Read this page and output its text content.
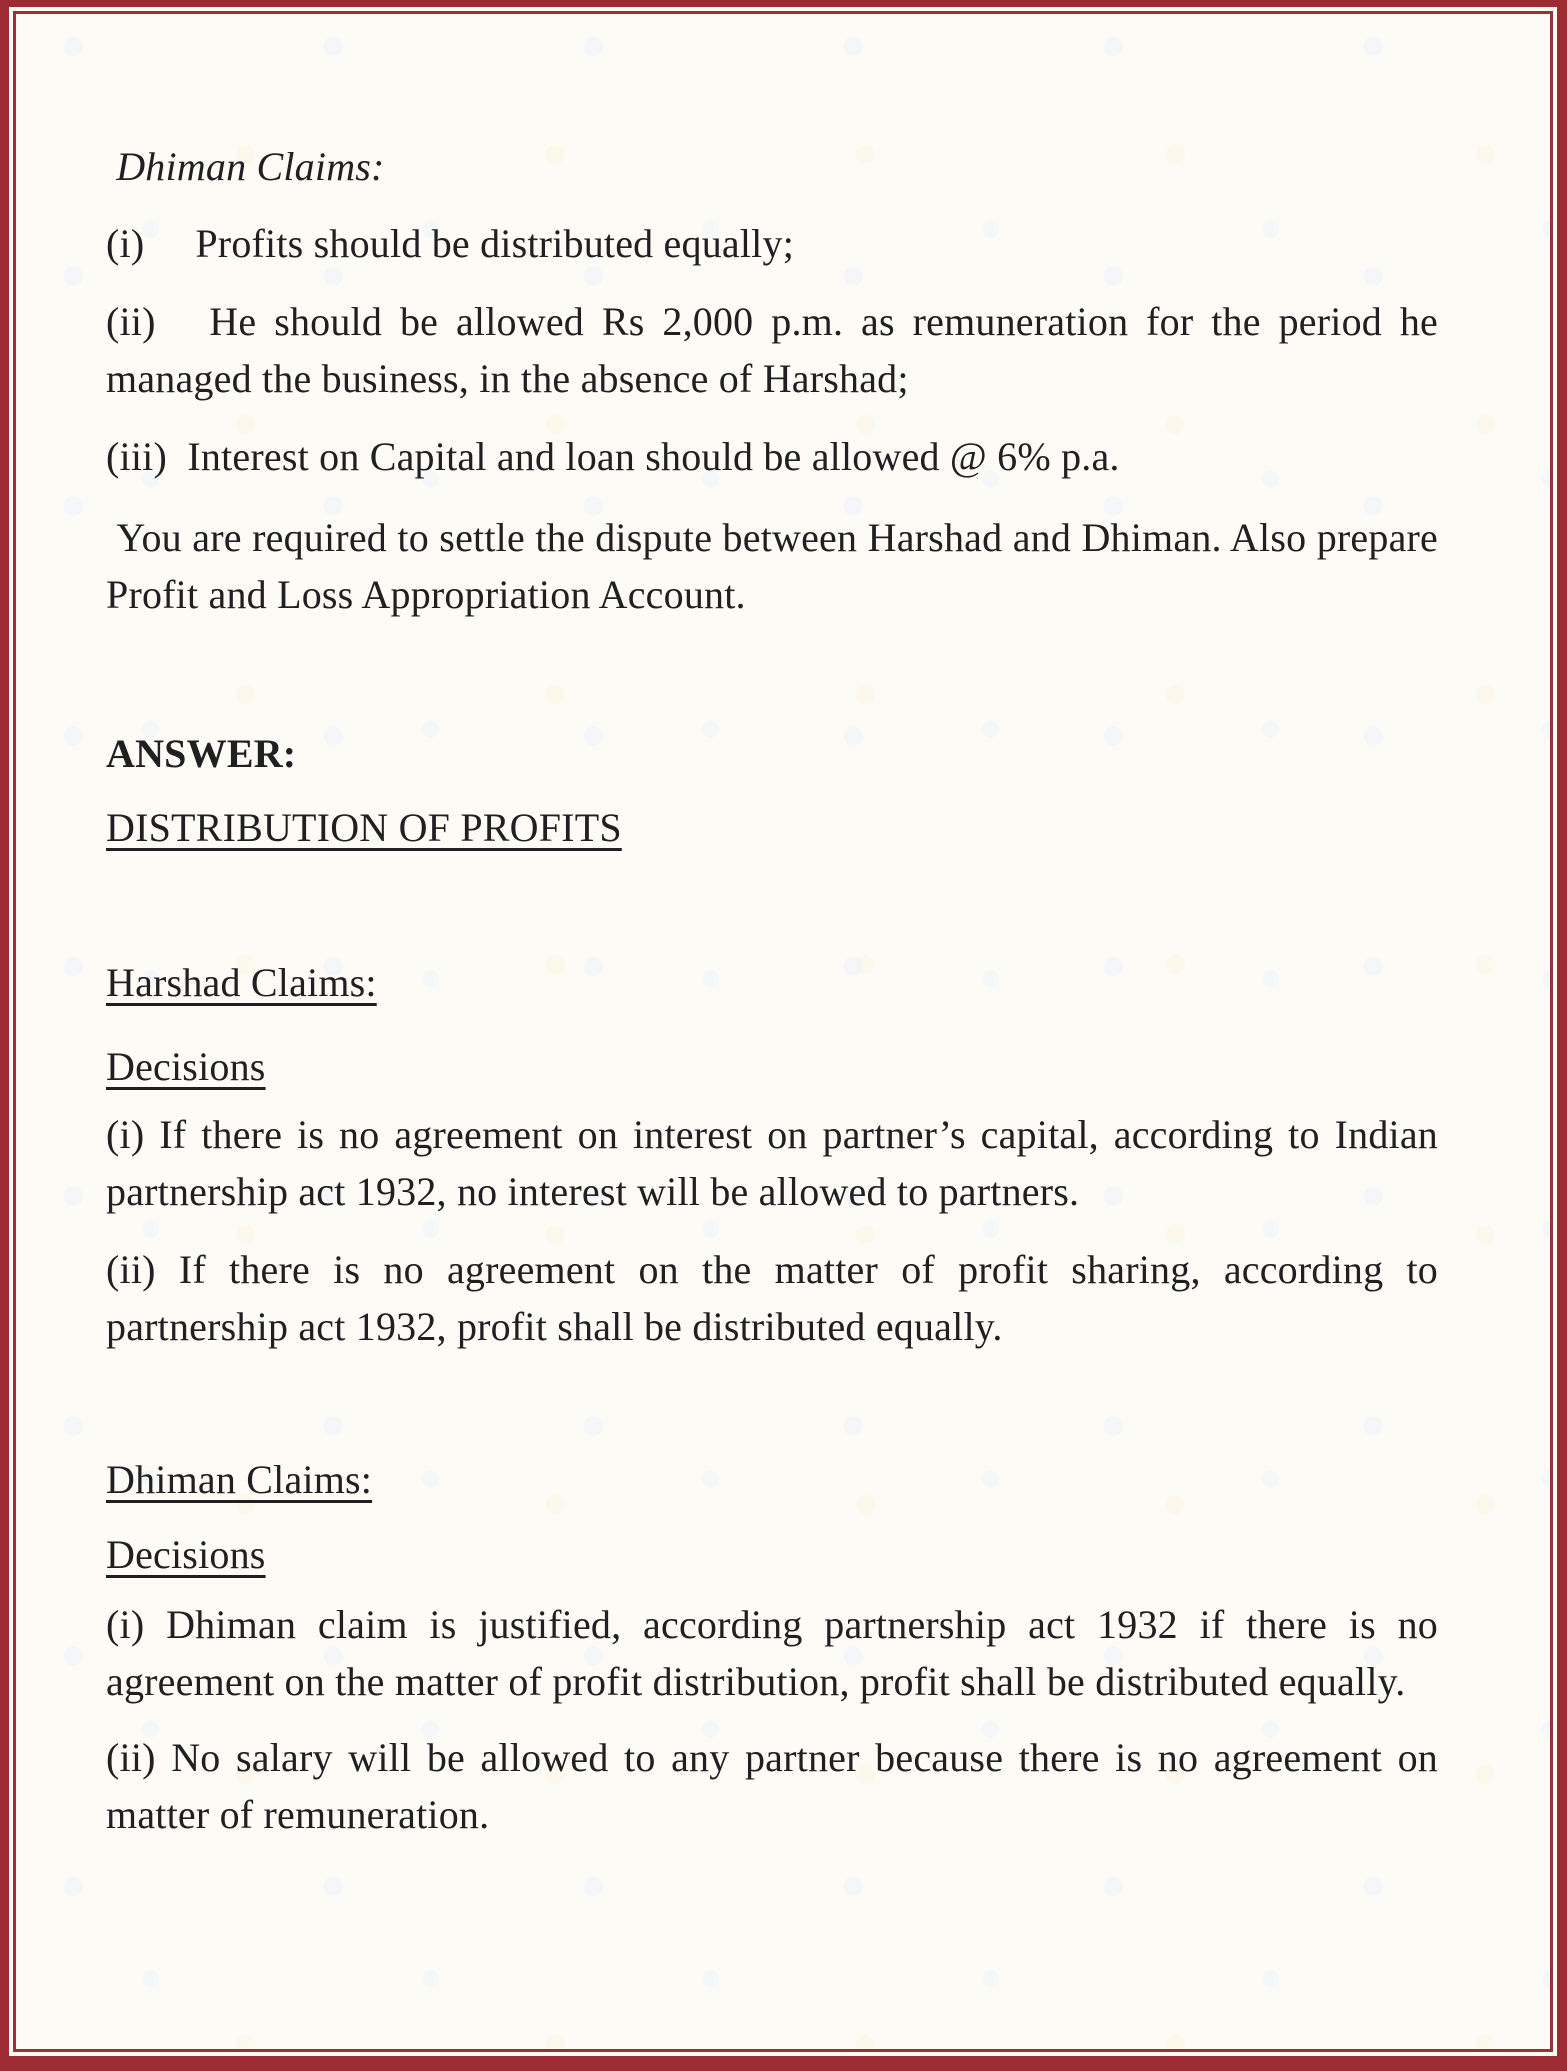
Dhiman Claims:

(i)     Profits should be distributed equally;

(ii)   He should be allowed Rs 2,000 p.m. as remuneration for the period he managed the business, in the absence of Harshad;

(iii)  Interest on Capital and loan should be allowed @ 6% p.a.

You are required to settle the dispute between Harshad and Dhiman. Also prepare Profit and Loss Appropriation Account.

ANSWER:

DISTRIBUTION OF PROFITS

Harshad Claims:

Decisions

(i) If there is no agreement on interest on partner’s capital, according to Indian partnership act 1932, no interest will be allowed to partners.

(ii) If there is no agreement on the matter of profit sharing, according to partnership act 1932, profit shall be distributed equally.

Dhiman Claims:

Decisions

(i) Dhiman claim is justified, according partnership act 1932 if there is no agreement on the matter of profit distribution, profit shall be distributed equally.

(ii) No salary will be allowed to any partner because there is no agreement on matter of remuneration.
